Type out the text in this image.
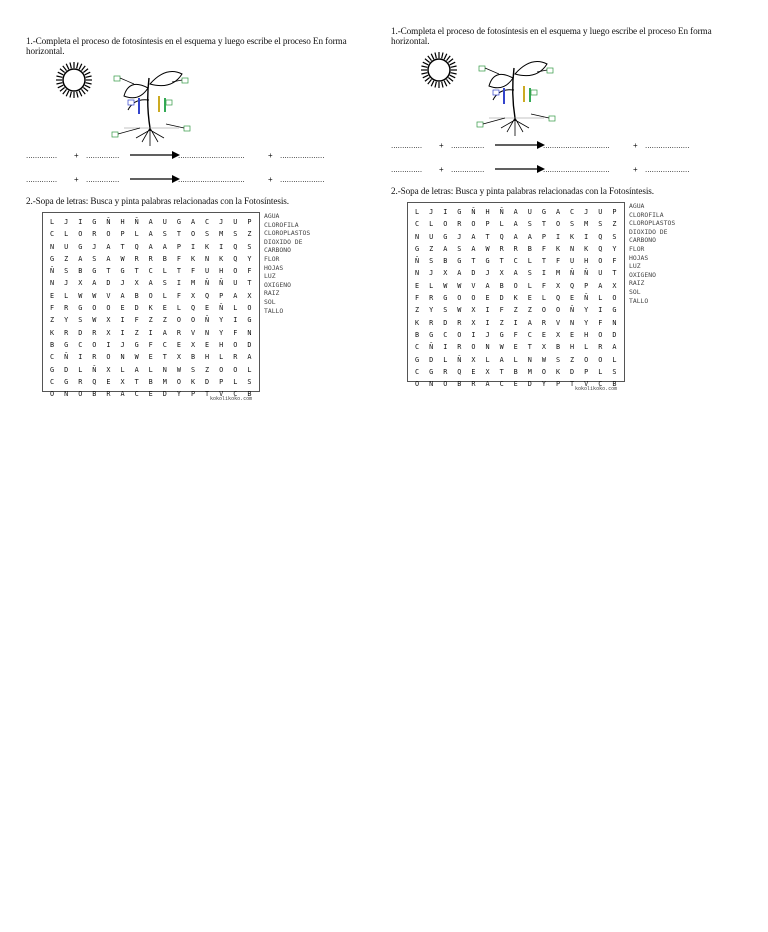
1.-Completa el proceso de fotosíntesis en el esquema y luego escribe el proceso En forma horizontal.
.............. + ...............	..............................	+ ....................
.............. + ...............	..............................	+ ....................
2.-Sopa de letras: Busca y pinta palabras relacionadas con la Fotosíntesis.
L	J	I	G	Ñ	H	Ñ	A	U	G	A	C	J	U	P
C	L	O	R	O	P	L	A	S	T	O	S	M	S	Z
N	U	G	J	A	T	Q	A	A	P	I	K	I	Q	S
G	Z	A	S	A	W	R	R	B	F	K	N	K	Q	Y
Ñ	S	B	G	T	G	T	C	L	T	F	U	H	O	F
N	J	X	A	D	J	X	A	S	I	M	Ñ	Ñ	U	T
E	L	W	W	V	A	B	O	L	F	X	Q	P	A	X
F	R	G	O	O	E	D	K	E	L	Q	E	Ñ	L	O
Z	Y	S	W	X	I	F	Z	Z	O	O	Ñ	Y	I	G
K	R	D	R	X	I	Z	I	A	R	V	N	Y	F	N
B	G	C	O	I	J	G	F	C	E	X	E	H	O	D
C	Ñ	I	R	O	N	W	E	T	X	B	H	L	R	A
G	D	L	Ñ	X	L	A	L	N	W	S	Z	O	O	L
C	G	R	Q	E	X	T	B	M	O	K	D	P	L	S
O	N	O	B	R	A	C	E	D	Y	P	T	V	C	B
AGUA
CLOROFILA
CLOROPLASTOS
DIOXIDO DE
CARBONO
FLOR
HOJAS
LUZ
OXIGENO
RAIZ
SOL
TALLO
kokolikoko.com
1.-Completa el proceso de fotosíntesis en el esquema y luego escribe el proceso En forma horizontal.
.............. + ...............	..............................	+ ....................
.............. + ...............	..............................	+ ....................
2.-Sopa de letras: Busca y pinta palabras relacionadas con la Fotosíntesis.
L	J	I	G	Ñ	H	Ñ	A	U	G	A	C	J	U	P
C	L	O	R	O	P	L	A	S	T	O	S	M	S	Z
N	U	G	J	A	T	Q	A	A	P	I	K	I	Q	S
G	Z	A	S	A	W	R	R	B	F	K	N	K	Q	Y
Ñ	S	B	G	T	G	T	C	L	T	F	U	H	O	F
N	J	X	A	D	J	X	A	S	I	M	Ñ	Ñ	U	T
E	L	W	W	V	A	B	O	L	F	X	Q	P	A	X
F	R	G	O	O	E	D	K	E	L	Q	E	Ñ	L	O
Z	Y	S	W	X	I	F	Z	Z	O	O	Ñ	Y	I	G
K	R	D	R	X	I	Z	I	A	R	V	N	Y	F	N
B	G	C	O	I	J	G	F	C	E	X	E	H	O	D
C	Ñ	I	R	O	N	W	E	T	X	B	H	L	R	A
G	D	L	Ñ	X	L	A	L	N	W	S	Z	O	O	L
C	G	R	Q	E	X	T	B	M	O	K	D	P	L	S
O	N	O	B	R	A	C	E	D	Y	P	T	V	C	B
AGUA
CLOROFILA
CLOROPLASTOS
DIOXIDO DE
CARBONO
FLOR
HOJAS
LUZ
OXIGENO
RAIZ
SOL
TALLO
kokolikoko.com
